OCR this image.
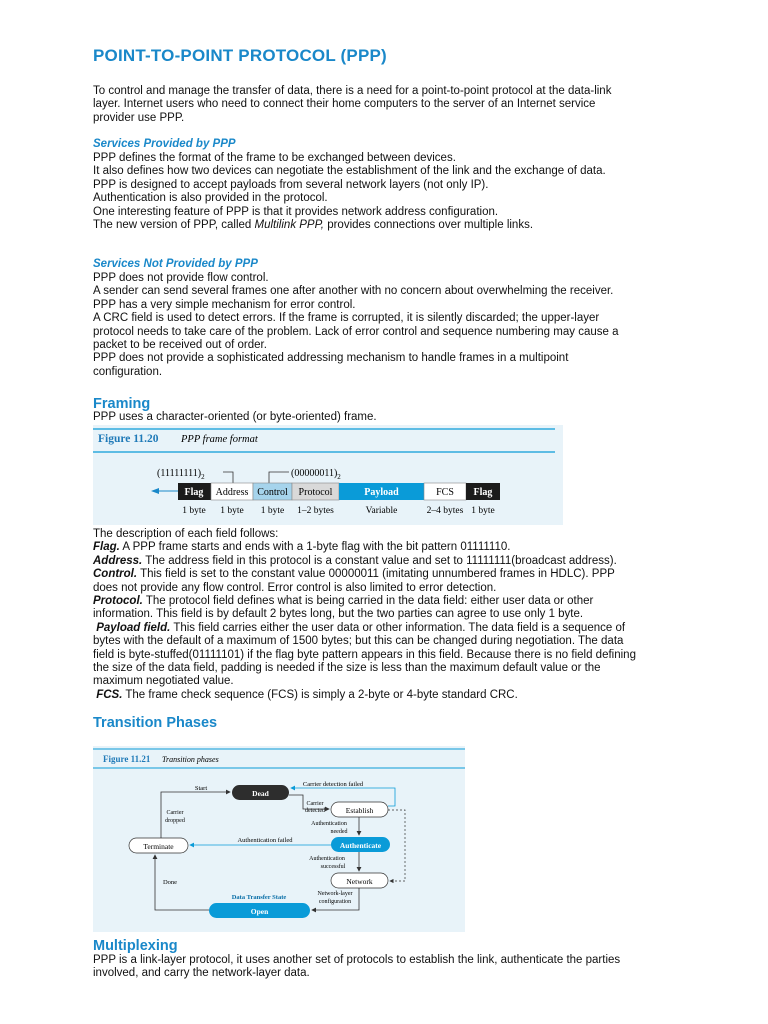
POINT-TO-POINT PROTOCOL (PPP)
To control and manage the transfer of data, there is a need for a point-to-point protocol at the data-link
layer. Internet users who need to connect their home computers to the server of an Internet service
provider use PPP.
Services Provided by PPP
PPP defines the format of the frame to be exchanged between devices.
It also defines how two devices can negotiate the establishment of the link and the exchange of data.
PPP is designed to accept payloads from several network layers (not only IP).
Authentication is also provided in the protocol.
One interesting feature of PPP is that it provides network address configuration.
The new version of PPP, called Multilink PPP, provides connections over multiple links.
Services Not Provided by PPP
PPP does not provide flow control.
A sender can send several frames one after another with no concern about overwhelming the receiver.
PPP has a very simple mechanism for error control.
A CRC field is used to detect errors. If the frame is corrupted, it is silently discarded; the upper-layer
protocol needs to take care of the problem. Lack of error control and sequence numbering may cause a
packet to be received out of order.
PPP does not provide a sophisticated addressing mechanism to handle frames in a multipoint
configuration.
Framing
PPP uses a character-oriented (or byte-oriented) frame.
Figure 11.20 PPP frame format
$(11111111)_2$	$(00000011)_2$
Flag Address Control Protocol	Payload	FCS Flag
1 byte 1 byte 1 byte 1–2 bytes	Variable	2–4 bytes 1 byte
The description of each field follows:
Flag. A PPP frame starts and ends with a 1-byte flag with the bit pattern 01111110.
Address. The address field in this protocol is a constant value and set to 11111111(broadcast address).
Control. This field is set to the constant value 00000011 (imitating unnumbered frames in HDLC). PPP
does not provide any flow control. Error control is also limited to error detection.
Protocol. The protocol field defines what is being carried in the data field: either user data or other
information. This field is by default 2 bytes long, but the two parties can agree to use only 1 byte.
Payload field. This field carries either the user data or other information. The data field is a sequence of
bytes with the default of a maximum of 1500 bytes; but this can be changed during negotiation. The data
field is byte-stuffed(01111101) if the flag byte pattern appears in this field. Because there is no field defining
the size of the data field, padding is needed if the size is less than the maximum default value or the
maximum negotiated value.
FCS. The frame check sequence (FCS) is simply a 2-byte or 4-byte standard CRC.
Transition Phases
Figure 11.21 Transition phases
Dead
Establish
Authenticate
Network
Terminate
Data Transfer State
Open
Start
Carrier
detected
Carrier detection failed
Authentication
needed
Authentication
successful
Authentication failed
Network-layer
configuration
Done
Carrier
dropped
Multiplexing
PPP is a link-layer protocol, it uses another set of protocols to establish the link, authenticate the parties
involved, and carry the network-layer data.
